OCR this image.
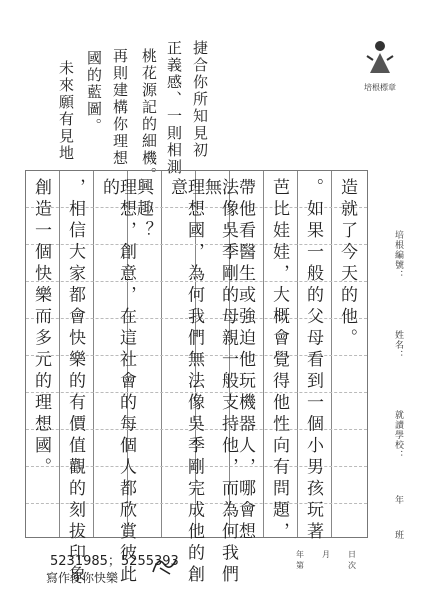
培根標章
捷合你所知見初
正義感、一則相測
桃花源記的細機。
再則建構你理想
國的藍圖。
未來願有見地
造就了今天的他。
。如果一般的父母看到一個小男孩玩著
芭比娃娃，大概會覺得他性向有問題，
帶他看醫生或強迫他玩機器人，哪會想
法像吳季剛的母親一般支持他，而為何我們無
理想國，為何我們無法像吳季剛完成他的創意
興趣？
理想，創意，在這社會的每個人都欣賞彼此的
，相信大家都會快樂的有價值觀的刻拔印象
創造一個快樂而多元的理想國。	培根編號：
姓名：
就讀學校：
年
班
5231985；5255393
寫作使你快樂
年 月 日
第	次
